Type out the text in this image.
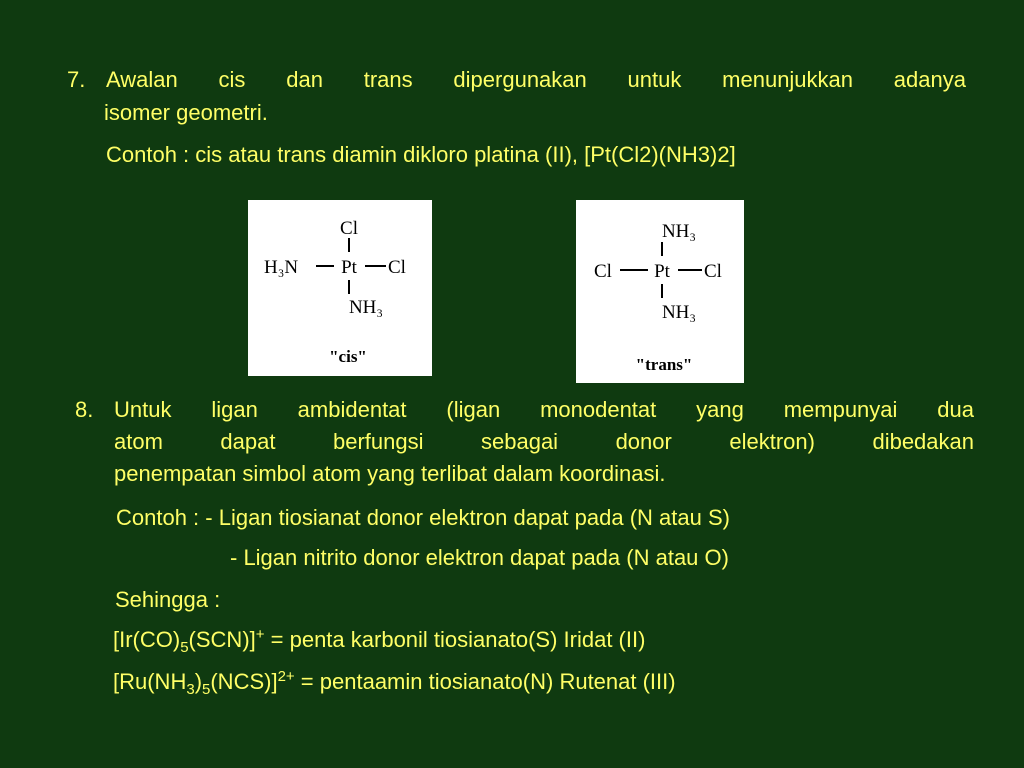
7. Awalan cis dan trans dipergunakan untuk menunjukkan adanya
isomer geometri.
Contoh : cis atau trans diamin dikloro platina (II), [Pt(Cl2)(NH3)2]
Cl
H₃N Pt Cl
NH₃
"cis"
NH₃
Cl Pt Cl
NH₃
"trans"
8. Untuk ligan ambidentat (ligan monodentat yang mempunyai dua
atom dapat berfungsi sebagai donor elektron) dibedakan
penempatan simbol atom yang terlibat dalam koordinasi.
Contoh : - Ligan tiosianat donor elektron dapat pada (N atau S)
- Ligan nitrito donor elektron dapat pada (N atau O)
Sehingga :
$[Ir(CO)_5(SCN)]^+$ = penta karbonil tiosianato(S) Iridat (II)
$[Ru(NH_3)_5(NCS)]^{2+}$ = pentaamin tiosianato(N) Rutenat (III)
